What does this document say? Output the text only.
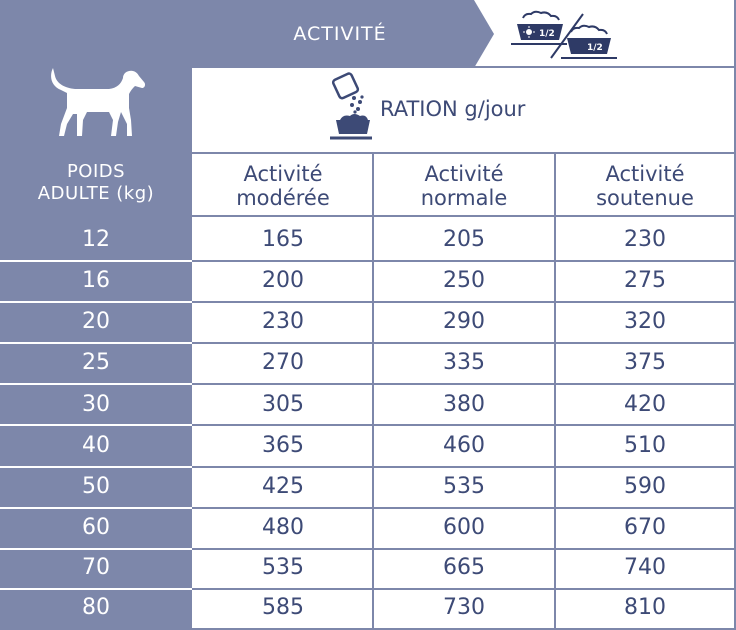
POIDS
ADULTE (kg)
ACTIVITÉ	1/2
1/2
RATION g/jour
Activité
modérée
Activité
normale
Activité
soutenue
12	165	205	230
16	200	250	275
20	230	290	320
25	270	335	375
30	305	380	420
40	365	460	510
50	425	535	590
60	480	600	670
70	535	665	740
80	585	730	810
